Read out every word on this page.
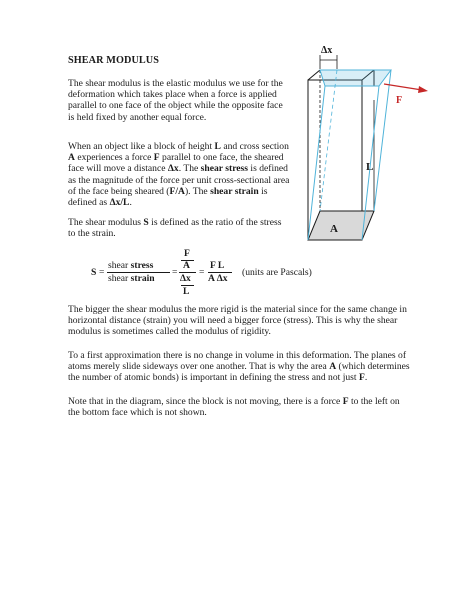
SHEAR MODULUS
The shear modulus is the elastic modulus we use for the deformation which takes place when a force is applied parallel to one face of the object while the opposite face is held fixed by another equal force.
When an object like a block of height L and cross section A experiences a force F parallel to one face, the sheared face will move a distance Δx. The shear stress is defined as the magnitude of the force per unit cross-sectional area of the face being sheared (F/A). The shear strain is defined as Δx/L.
The shear modulus S is defined as the ratio of the stress to the strain.
S =
shear stress
shear strain
=
F
A
Δx
L
=
F L
A Δx
(units are Pascals)
The bigger the shear modulus the more rigid is the material since for the same change in horizontal distance (strain) you will need a bigger force (stress). This is why the shear modulus is sometimes called the modulus of rigidity.
To a first approximation there is no change in volume in this deformation. The planes of atoms merely slide sideways over one another. That is why the area A (which determines the number of atomic bonds) is important in defining the stress and not just F.
Note that in the diagram, since the block is not moving, there is a force F to the left on the bottom face which is not shown.
Δx
A
L
F
